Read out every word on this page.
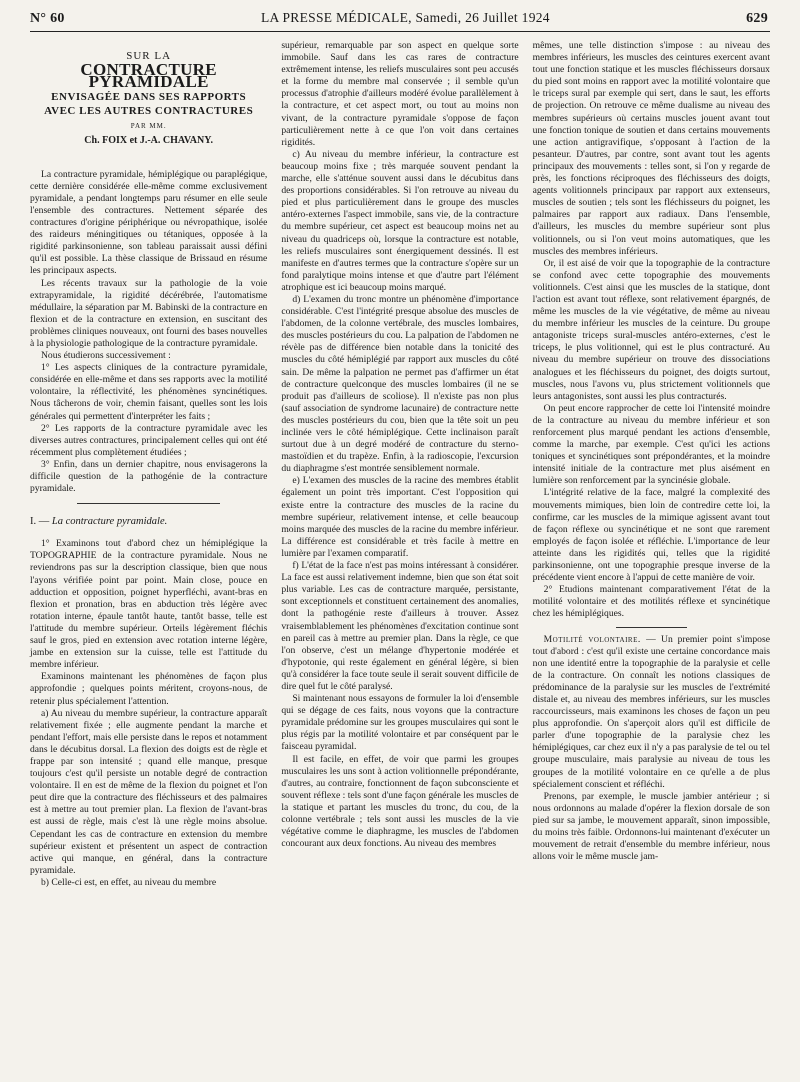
N° 60	LA PRESSE MÉDICALE, Samedi, 26 Juillet 1924	629
SUR LA
CONTRACTURE PYRAMIDALE
ENVISAGÉE DANS SES RAPPORTS
AVEC LES AUTRES CONTRACTURES
PAR MM.
Ch. FOIX et J.-A. CHAVANY.

La contracture pyramidale, hémiplégique ou paraplégique, cette dernière considérée elle-même comme exclusivement pyramidale, a pendant longtemps paru résumer en elle seule l'ensemble des contractures. Nettement séparée des contractures d'origine périphérique ou névropathique, isolée des raideurs méningitiques ou tétaniques, opposée à la rigidité parkinsonienne, son tableau paraissait aussi défini qu'il est possible. La thèse classique de Brissaud en résume les principaux aspects.

Les récents travaux sur la pathologie de la voie extrapyramidale, la rigidité décérébrée, l'automatisme médullaire, la séparation par M. Babinski de la contracture en flexion et de la contracture en extension, en suscitant des problèmes cliniques nouveaux, ont fourni des bases nouvelles à la physiologie pathologique de la contracture pyramidale.

Nous étudierons successivement :

1° Les aspects cliniques de la contracture pyramidale, considérée en elle-même et dans ses rapports avec la motilité volontaire, la réflectivité, les phénomènes syncinétiques. Nous tâcherons de voir, chemin faisant, quelles sont les lois générales qui permettent d'interpréter les faits ;

2° Les rapports de la contracture pyramidale avec les diverses autres contractures, principalement celles qui ont été récemment plus complètement étudiées ;

3° Enfin, dans un dernier chapitre, nous envisagerons la difficile question de la pathogénie de la contracture pyramidale.

I. — La contracture pyramidale.

1° Examinons tout d'abord chez un hémiplégique la TOPOGRAPHIE de la contracture pyramidale. Nous ne reviendrons pas sur la description classique, bien que nous l'ayons vérifiée point par point. Main close, pouce en adduction et opposition, poignet hyperfléchi, avant-bras en flexion et pronation, bras en abduction très légère avec rotation interne, épaule tantôt haute, tantôt basse, telle est l'attitude du membre supérieur. Orteils légèrement fléchis sauf le gros, pied en extension avec rotation interne légère, jambe en extension sur la cuisse, telle est l'attitude du membre inférieur.

Examinons maintenant les phénomènes de façon plus approfondie ; quelques points méritent, croyons-nous, de retenir plus spécialement l'attention.

a) Au niveau du membre supérieur, la contracture apparaît relativement fixée ; elle augmente pendant la marche et pendant l'effort, mais elle persiste dans le repos et notamment dans le décubitus dorsal. La flexion des doigts est de règle et frappe par son intensité ; quand elle manque, presque toujours c'est qu'il persiste un notable degré de contraction volontaire. Il en est de même de la flexion du poignet et l'on peut dire que la contracture des fléchisseurs et des palmaires est à mettre au tout premier plan. La flexion de l'avant-bras est aussi de règle, mais c'est là une règle moins absolue. Cependant les cas de contracture en extension du membre supérieur existent et présentent un aspect de contraction active qui manque, en général, dans la contracture pyramidale.

b) Celle-ci est, en effet, au niveau du membre

supérieur, remarquable par son aspect en quelque sorte immobile. Sauf dans les cas rares de contracture extrêmement intense, les reliefs musculaires sont peu accusés et la forme du membre mal conservée ; il semble qu'un processus d'atrophie d'ailleurs modéré évolue parallèlement à la contracture, et cet aspect mort, ou tout au moins non vivant, de la contracture pyramidale s'oppose de façon particulièrement nette à ce que l'on voit dans certaines rigidités.

c) Au niveau du membre inférieur, la contracture est beaucoup moins fixe ; très marquée souvent pendant la marche, elle s'atténue souvent aussi dans le décubitus dans des proportions considérables. Si l'on retrouve au niveau du pied et plus particulièrement dans le groupe des muscles antéro-externes l'aspect immobile, sans vie, de la contracture du membre supérieur, cet aspect est beaucoup moins net au niveau du quadriceps où, lorsque la contracture est notable, les reliefs musculaires sont énergiquement dessinés. Il est manifeste en d'autres termes que la contracture s'opère sur un fond paralytique moins intense et que d'autre part l'élément atrophique est ici beaucoup moins marqué.

d) L'examen du tronc montre un phénomène d'importance considérable. C'est l'intégrité presque absolue des muscles de l'abdomen, de la colonne vertébrale, des muscles lombaires, des muscles postérieurs du cou. La palpation de l'abdomen ne révèle pas de différence bien notable dans la tonicité des muscles du côté hémiplégié par rapport aux muscles du côté sain. De même la palpation ne permet pas d'affirmer un état de contracture quelconque des muscles lombaires (il ne se produit pas d'ailleurs de scoliose). Il n'existe pas non plus (sauf association de syndrome lacunaire) de contracture nette des muscles postérieurs du cou, bien que la tête soit un peu inclinée vers le côté hémiplégique. Cette inclinaison paraît surtout due à un degré modéré de contracture du sterno-mastoïdien et du trapèze. Enfin, à la radioscopie, l'excursion du diaphragme s'est montrée sensiblement normale.

e) L'examen des muscles de la racine des membres établit également un point très important. C'est l'opposition qui existe entre la contracture des muscles de la racine du membre supérieur, relativement intense, et celle beaucoup moins marquée des muscles de la racine du membre inférieur. La différence est considérable et très facile à mettre en lumière par l'examen comparatif.

f) L'état de la face n'est pas moins intéressant à considérer. La face est aussi relativement indemne, bien que son état soit plus variable. Les cas de contracture marquée, persistante, sont exceptionnels et constituent certainement des anomalies, dont la pathogénie reste d'ailleurs à trouver. Assez vraisemblablement les phénomènes d'excitation continue sont en pareil cas à mettre au premier plan. Dans la règle, ce que l'on observe, c'est un mélange d'hypertonie modérée et d'hypotonie, qui reste également en général légère, si bien qu'à considérer la face toute seule il serait souvent difficile de dire quel fut le côté paralysé.

Si maintenant nous essayons de formuler la loi d'ensemble qui se dégage de ces faits, nous voyons que la contracture pyramidale prédomine sur les groupes musculaires qui sont le plus régis par la motilité volontaire et par conséquent par le faisceau pyramidal.

Il est facile, en effet, de voir que parmi les groupes musculaires les uns sont à action volitionnelle prépondérante, d'autres, au contraire, fonctionnent de façon subconsciente et souvent réflexe : tels sont d'une façon générale les muscles de la statique et partant les muscles du tronc, du cou, de la colonne vertébrale ; tels sont aussi les muscles de la vie végétative comme le diaphragme, les muscles de l'abdomen concourant aux deux fonctions. Au niveau des membres

mêmes, une telle distinction s'impose : au niveau des membres inférieurs, les muscles des ceintures exercent avant tout une fonction statique et les muscles fléchisseurs dorsaux du pied sont moins en rapport avec la motilité volontaire que le triceps sural par exemple qui sert, dans le saut, les efforts de projection. On retrouve ce même dualisme au niveau des membres supérieurs où certains muscles jouent avant tout une fonction tonique de soutien et dans certains mouvements une action antigravifique, s'opposant à l'action de la pesanteur. D'autres, par contre, sont avant tout les agents principaux des mouvements : telles sont, si l'on y regarde de près, les fonctions réciproques des fléchisseurs des doigts, agents volitionnels principaux par rapport aux extenseurs, muscles de soutien ; tels sont les fléchisseurs du poignet, les palmaires par rapport aux radiaux. Dans l'ensemble, d'ailleurs, les muscles du membre supérieur sont plus volitionnels, ou si l'on veut moins automatiques, que les muscles des membres inférieurs.

Or, il est aisé de voir que la topographie de la contracture se confond avec cette topographie des mouvements volitionnels. C'est ainsi que les muscles de la statique, dont l'action est avant tout réflexe, sont relativement épargnés, de même les muscles de la vie végétative, de même au niveau du membre inférieur les muscles de la ceinture. Du groupe antagoniste triceps sural-muscles antéro-externes, c'est le triceps, le plus volitionnel, qui est le plus contracturé. Au niveau du membre supérieur on trouve des dissociations analogues et les fléchisseurs du poignet, des doigts surtout, muscles, nous l'avons vu, plus strictement volitionnels que leurs antagonistes, sont aussi les plus contracturés.

On peut encore rapprocher de cette loi l'intensité moindre de la contracture au niveau du membre inférieur et son renforcement plus marqué pendant les actions d'ensemble, comme la marche, par exemple. C'est qu'ici les actions toniques et syncinétiques sont prépondérantes, et la moindre intensité initiale de la contracture met plus aisément en lumière son renforcement par la syncinésie globale.

L'intégrité relative de la face, malgré la complexité des mouvements mimiques, bien loin de contredire cette loi, la confirme, car les muscles de la mimique agissent avant tout de façon réflexe ou syncinétique et ne sont que rarement employés de façon isolée et réfléchie. L'importance de leur atteinte dans les rigidités qui, telles que la rigidité parkinsonienne, ont une topographie presque inverse de la précédente vient encore à l'appui de cette manière de voir.

2° Etudions maintenant comparativement l'état de la motilité volontaire et des motilités réflexe et syncinétique chez les hémiplégiques.

Motilité volontaire. — Un premier point s'impose tout d'abord : c'est qu'il existe une certaine concordance mais non une identité entre la topographie de la paralysie et celle de la contracture. On connaît les notions classiques de prédominance de la paralysie sur les muscles de l'extrémité distale et, au niveau des membres inférieurs, sur les muscles raccourcisseurs, mais examinons les choses de façon un peu plus approfondie. On s'aperçoit alors qu'il est difficile de parler d'une topographie de la paralysie chez les hémiplégiques, car chez eux il n'y a pas paralysie de tel ou tel groupe musculaire, mais paralysie au niveau de tous les groupes de la motilité volontaire en ce qu'elle a de plus spécialement conscient et réfléchi.

Prenons, par exemple, le muscle jambier antérieur ; si nous ordonnons au malade d'opérer la flexion dorsale de son pied sur sa jambe, le mouvement apparaît, sinon impossible, du moins très faible. Ordonnons-lui maintenant d'exécuter un mouvement de retrait d'ensemble du membre inférieur, nous allons voir le même muscle jam-
